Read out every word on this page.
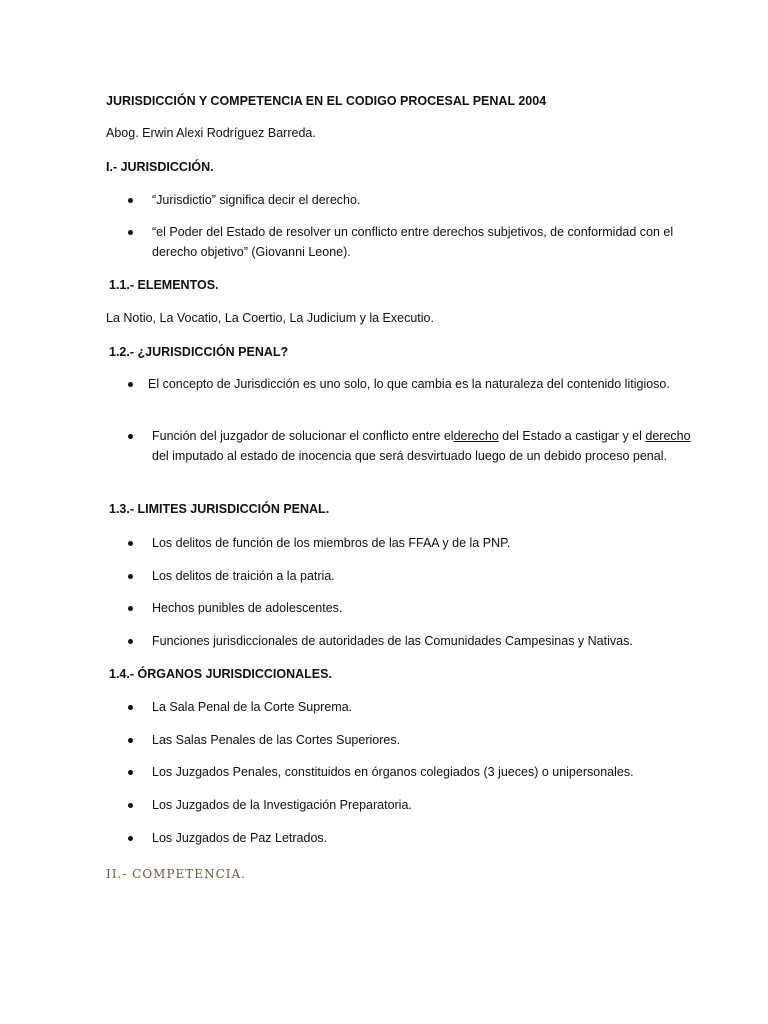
JURISDICCIÓN Y COMPETENCIA EN EL CODIGO PROCESAL PENAL 2004

Abog. Erwin Alexi Rodríguez Barreda.

I.- JURISDICCIÓN.

“Jurisdictio” significa decir el derecho.
“el Poder del Estado de resolver un conflicto entre derechos subjetivos, de conformidad con el derecho objetivo” (Giovanni Leone).

1.1.- ELEMENTOS.

La Notio, La Vocatio, La Coertio, La Judicium y la Executio.

1.2.- ¿JURISDICCIÓN PENAL?

El concepto de Jurisdicción es uno solo, lo que cambia es la naturaleza del contenido litigioso.
Función del juzgador de solucionar el conflicto entre elderecho del Estado a castigar y el derecho del imputado al estado de inocencia que será desvirtuado luego de un debido proceso penal.

1.3.- LIMITES JURISDICCIÓN PENAL.

Los delitos de función de los miembros de las FFAA y de la PNP.
Los delitos de traición a la patria.
Hechos punibles de adolescentes.
Funciones jurisdiccionales de autoridades de las Comunidades Campesinas y Nativas.

1.4.- ÓRGANOS JURISDICCIONALES.

La Sala Penal de la Corte Suprema.
Las Salas Penales de las Cortes Superiores.
Los Juzgados Penales, constituidos en órganos colegiados (3 jueces) o unipersonales.
Los Juzgados de la Investigación Preparatoria.
Los Juzgados de Paz Letrados.

II.- COMPETENCIA.
